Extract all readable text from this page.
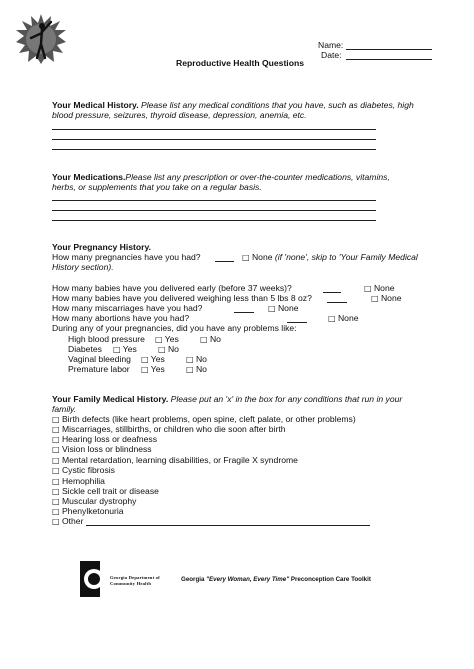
Name:
Date:
Reproductive Health Questions
Your Medical History. Please list any medical conditions that you have, such as diabetes, high
blood pressure, seizures, thyroid disease, depression, anemia, etc.
Your Medications.Please list any prescription or over-the-counter medications, vitamins,
herbs, or supplements that you take on a regular basis.
Your Pregnancy History.
How many pregnancies have you had?	□ None (if 'none', skip to 'Your Family Medical
History section).
How many babies have you delivered early (before 37 weeks)?	□ None
How many babies have you delivered weighing less than 5 lbs 8 oz?	□ None
How many miscarriages have you had?	□ None
How many abortions have you had?	□ None
During any of your pregnancies, did you have any problems like:
High blood pressure □ Yes	□ No
Diabetes □ Yes	□ No
Vaginal bleeding □ Yes	□ No
Premature labor □ Yes	□ No
Your Family Medical History. Please put an 'x' in the box for any conditions that run in your
family.
□ Birth defects (like heart problems, open spine, cleft palate, or other problems)
□ Miscarriages, stillbirths, or children who die soon after birth
□ Hearing loss or deafness
□ Vision loss or blindness
□ Mental retardation, learning disabilities, or Fragile X syndrome
□ Cystic fibrosis
□ Hemophilia
□ Sickle cell trait or disease
□ Muscular dystrophy
□ Phenylketonuria
□ Other
Georgia Department of
Community Health
Georgia "Every Woman, Every Time" Preconception Care Toolkit
